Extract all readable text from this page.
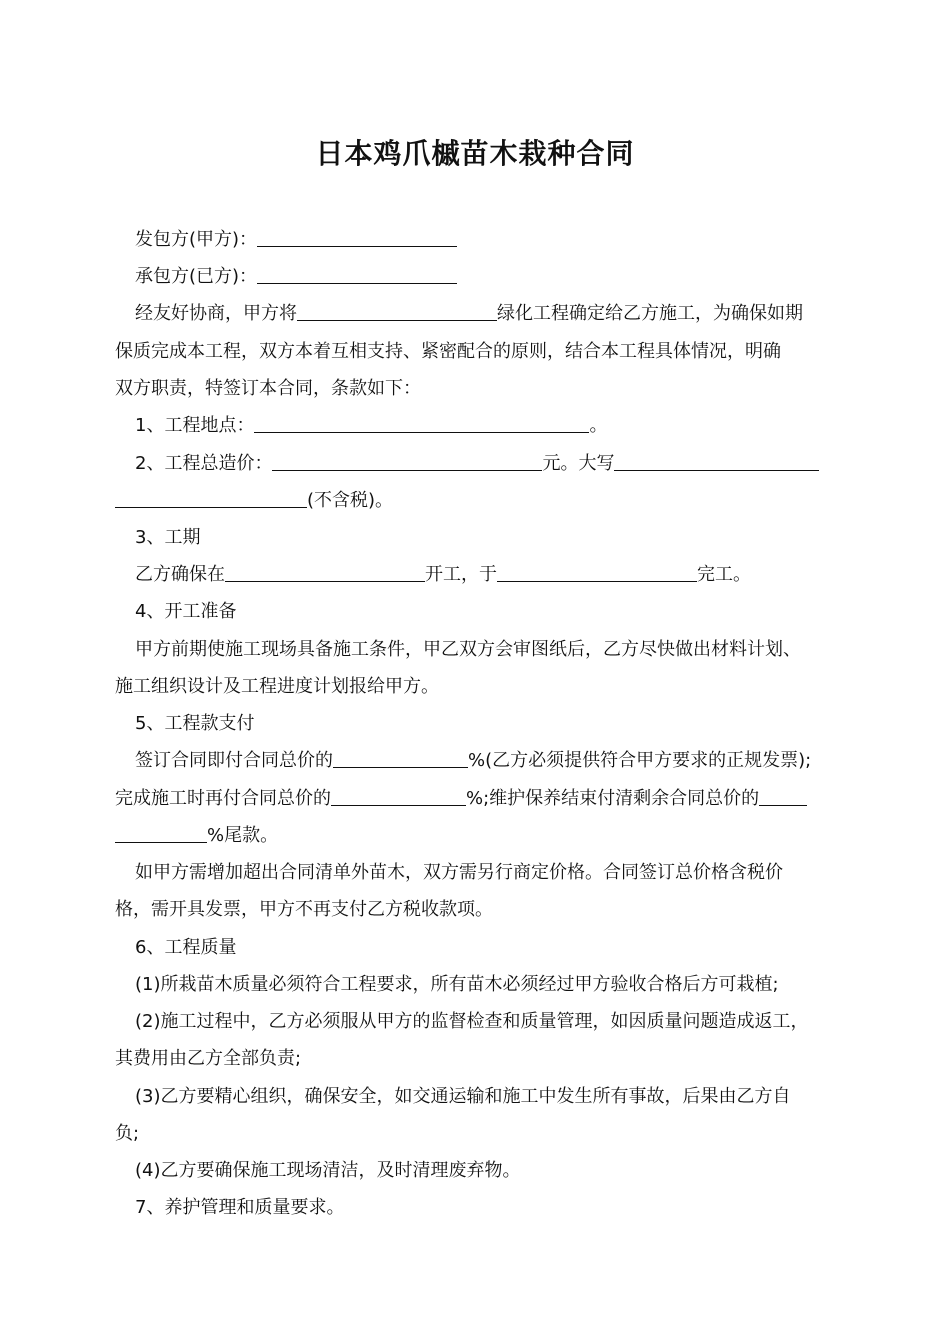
日本鸡爪槭苗木栽种合同
发包方(甲方)：
承包方(已方)：
经友好协商，甲方将	绿化工程确定给乙方施工，为确保如期
保质完成本工程，双方本着互相支持、紧密配合的原则，结合本工程具体情况，明确
双方职责，特签订本合同，条款如下：
1、工程地点：	。
2、工程总造价：	元。大写
(不含税)。
3、工期
乙方确保在	开工，于	完工。
4、开工准备
甲方前期使施工现场具备施工条件，甲乙双方会审图纸后，乙方尽快做出材料计划、
施工组织设计及工程进度计划报给甲方。
5、工程款支付
签订合同即付合同总价的	%(乙方必须提供符合甲方要求的正规发票);
完成施工时再付合同总价的	%;维护保养结束付清剩余合同总价的
%尾款。
如甲方需增加超出合同清单外苗木，双方需另行商定价格。合同签订总价格含税价
格，需开具发票，甲方不再支付乙方税收款项。
6、工程质量
(1)所栽苗木质量必须符合工程要求，所有苗木必须经过甲方验收合格后方可栽植;
(2)施工过程中，乙方必须服从甲方的监督检查和质量管理，如因质量问题造成返工，
其费用由乙方全部负责;
(3)乙方要精心组织，确保安全，如交通运输和施工中发生所有事故，后果由乙方自
负;
(4)乙方要确保施工现场清洁，及时清理废弃物。
7、养护管理和质量要求。
